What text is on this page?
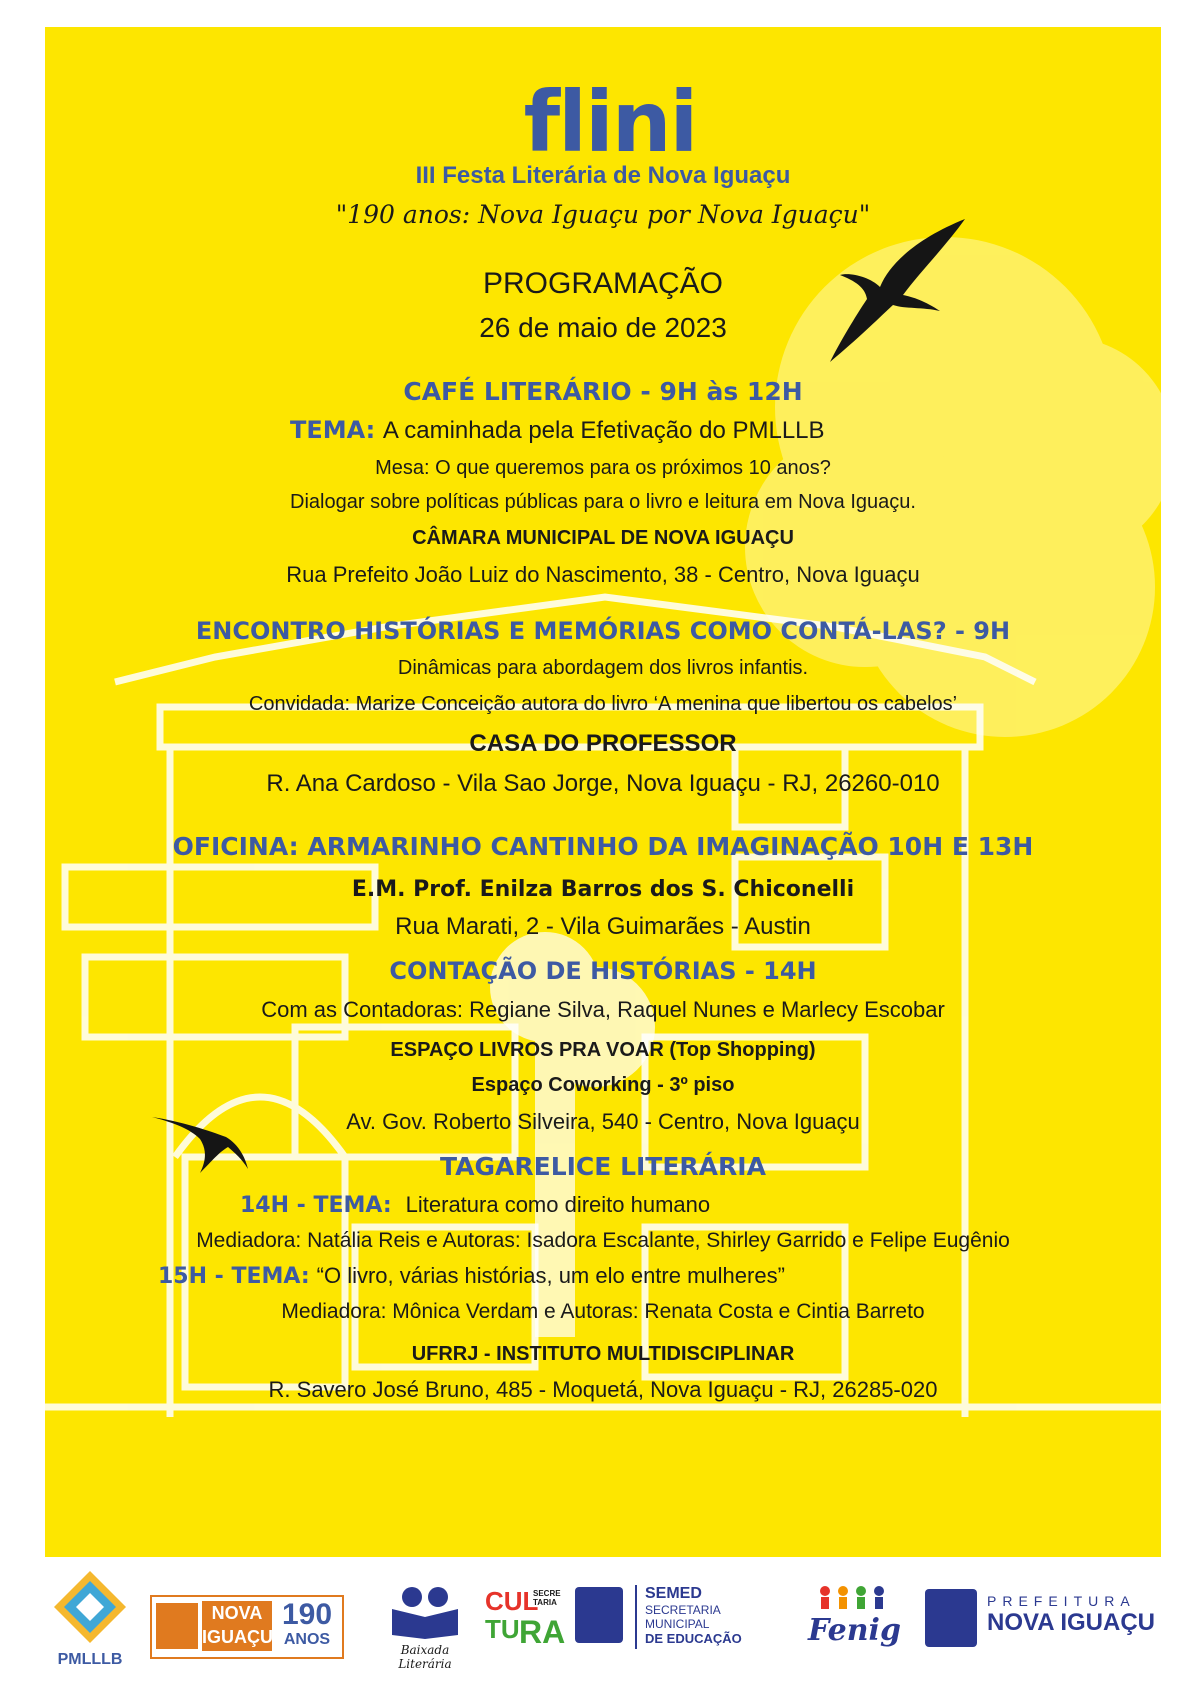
flini
III Festa Literária de Nova Iguaçu
"190 anos: Nova Iguaçu por Nova Iguaçu"
PROGRAMAÇÃO
26 de maio de 2023
CAFÉ LITERÁRIO - 9H às 12H
TEMA: A caminhada pela Efetivação do PMLLLB
Mesa: O que queremos para os próximos 10 anos?
Dialogar sobre políticas públicas para o livro e leitura em Nova Iguaçu.
CÂMARA MUNICIPAL DE NOVA IGUAÇU
Rua Prefeito João Luiz do Nascimento, 38 - Centro, Nova Iguaçu
ENCONTRO HISTÓRIAS E MEMÓRIAS COMO CONTÁ-LAS? - 9H
Dinâmicas para abordagem dos livros infantis.
Convidada: Marize Conceição autora do livro ‘A menina que libertou os cabelos’
CASA DO PROFESSOR
R. Ana Cardoso - Vila Sao Jorge, Nova Iguaçu - RJ, 26260-010
OFICINA: ARMARINHO CANTINHO DA IMAGINAÇÃO 10H E 13H
E.M. Prof. Enilza Barros dos S. Chiconelli
Rua Marati, 2 - Vila Guimarães - Austin
CONTAÇÃO DE HISTÓRIAS - 14H
Com as Contadoras: Regiane Silva, Raquel Nunes e Marlecy Escobar
ESPAÇO LIVROS PRA VOAR (Top Shopping)
Espaço Coworking - 3º piso
Av. Gov. Roberto Silveira, 540 - Centro, Nova Iguaçu
TAGARELICE LITERÁRIA
14H - TEMA: Literatura como direito humano
Mediadora: Natália Reis e Autoras: Isadora Escalante, Shirley Garrido e Felipe Eugênio
15H - TEMA: “O livro, várias histórias, um elo entre mulheres”
Mediadora: Mônica Verdam e Autoras: Renata Costa e Cintia Barreto
UFRRJ - INSTITUTO MULTIDISCIPLINAR
R. Savero José Bruno, 485 - Moquetá, Nova Iguaçu - RJ, 26285-020
PMLLLB
NOVA
IGUAÇU
190
ANOS
Baixada Literária
CUL
TU RA
SECRE TARIA
SEMED
SECRETARIA MUNICIPAL
DE EDUCAÇÃO	Fenig
PREFEITURA
NOVA IGUAÇU
